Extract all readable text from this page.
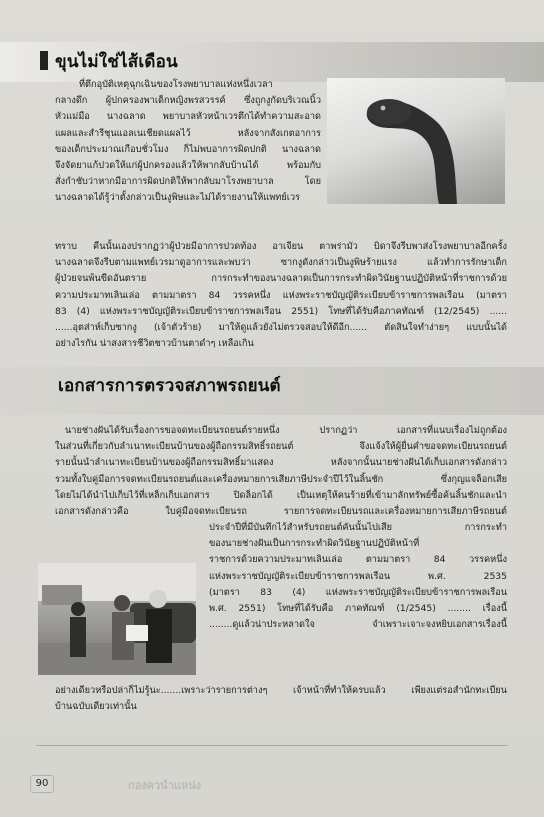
ขุนไม่ใช่ไส้เดือน
ที่ตึกอุบัติเหตุฉุกเฉินของโรงพยาบาลแห่งหนึ่งเวลา
กลางดึก ผู้ปกครองพาเด็กหญิงพรสวรรค์ ซึ่งถูกงูกัดบริเวณนิ้ว
หัวแม่มือ นางฉลาด พยาบาลหัวหน้าเวรตึกได้ทำความสะอาด
แผลและสำรีชุนแอลเนเชียดแผลไว้ หลังจากสังเกตอาการ
ของเด็กประมาณเกือบชั่วโมง ก็ไม่พบอาการผิดปกติ นางฉลาด
จึงจัดยาแก้ปวดให้แก่ผู้ปกครองแล้วให้พากลับบ้านได้ พร้อมกับ
สั่งกำชับว่าหากมีอาการผิดปกติให้พากลับมาโรงพยาบาล โดย
นางฉลาดได้รู้ว่าตั้งกล่าวเป็นงูพิษและไม่ได้รายงานให้แพทย์เวร
ทราบ คืนนั้นเองปรากฏว่าผู้ป่วยมีอาการปวดท้อง อาเจียน ตาพร่ามัว บิดาจึงรีบพาส่งโรงพยาบาลอีกครั้ง
นางฉลาดจึงรีบตามแพทย์เวรมาดูอาการและพบว่า ซากงูดังกล่าวเป็นงูพิษร้ายแรง แล้วทำการรักษาเด็ก
ผู้ป่วยจนพ้นขีดอันตราย การกระทำของนางฉลาดเป็นการกระทำผิดวินัยฐานปฏิบัติหน้าที่ราชการด้วย
ความประมาทเลินเล่อ ตามมาตรา 84 วรรคหนึ่ง แห่งพระราชบัญญัติระเบียบข้าราชการพลเรือน (มาตรา
83 (4) แห่งพระราชบัญญัติระเบียบข้าราชการพลเรือน 2551) โทษที่ได้รับคือภาคทัณฑ์ (12/2545) ......
......อุตส่าห์เก็บซากงู (เจ้าตัวร้าย) มาให้ดูแล้วยังไม่ตรวจสอบให้ดีอีก...... ตัดสินใจทำง่ายๆ แบบนั้นได้
อย่างไรกัน น่าสงสารชีวิตชาวบ้านตาดำๆ เหลือเกิน
เอกสารการตรวจสภาพรถยนต์
นายช่างฝันได้รับเรื่องการขอจดทะเบียนรถยนต์รายหนึ่ง ปรากฏว่า เอกสารที่แนบเรื่องไม่ถูกต้อง
ในส่วนที่เกี่ยวกับลำเนาทะเบียนบ้านของผู้ถือกรรมสิทธิ์รถยนต์ จึงแจ้งให้ผู้ยื่นคำขอจดทะเบียนรถยนต์
รายนั้นนำลำเนาทะเบียนบ้านของผู้ถือกรรมสิทธิ์มาแสดง หลังจากนั้นนายช่างฝันได้เก็บเอกสารดังกล่าว
รวมทั้งใบคู่มือการจดทะเบียนรถยนต์และเครื่องหมายการเสียภาษีประจำปีไว้ในลิ้นชัก ซึ่งกุญแจล็อกเสีย
โดยไม่ได้นำไปเก็บไว้ที่เหล็กเก็บเอกสาร ปิดล็อกได้ เป็นเหตุให้คนร้ายที่เข้ามาลักทรัพย์ซื้อค้นลิ้นชักและนำ
เอกสารดังกล่าวคือ ใบคู่มือจดทะเบียนรถ รายการจดทะเบียนรถและเครื่องหมายการเสียภาษีรถยนต์
ประจำปีที่มีบันทึกไว้สำหรับรถยนต์คันนั้นไปเสีย การกระทำ
ของนายช่างฝันเป็นการกระทำผิดวินัยฐานปฏิบัติหน้าที่
ราชการด้วยความประมาทเลินเล่อ ตามมาตรา 84 วรรคหนึ่ง
แห่งพระราชบัญญัติระเบียบข้าราชการพลเรือน พ.ศ. 2535
(มาตรา 83 (4) แห่งพระราชบัญญัติระเบียบข้าราชการพลเรือน
พ.ศ. 2551) โทษที่ได้รับคือ ภาคทัณฑ์ (1/2545) ........ เรื่องนี้
........ดูแล้วน่าประหลาดใจ จำเพราะเจาะจงหยิบเอกสารเรื่องนี้
อย่างเดียวหรือปล่าก็ไม่รู้นะ.......เพราะว่ารายการต่างๆ เจ้าหน้าที่ทำให้ครบแล้ว เพียงแต่รอสำนักทะเบียน
บ้านฉบับเดียวเท่านั้น
90	กองควนำแหน่ง
